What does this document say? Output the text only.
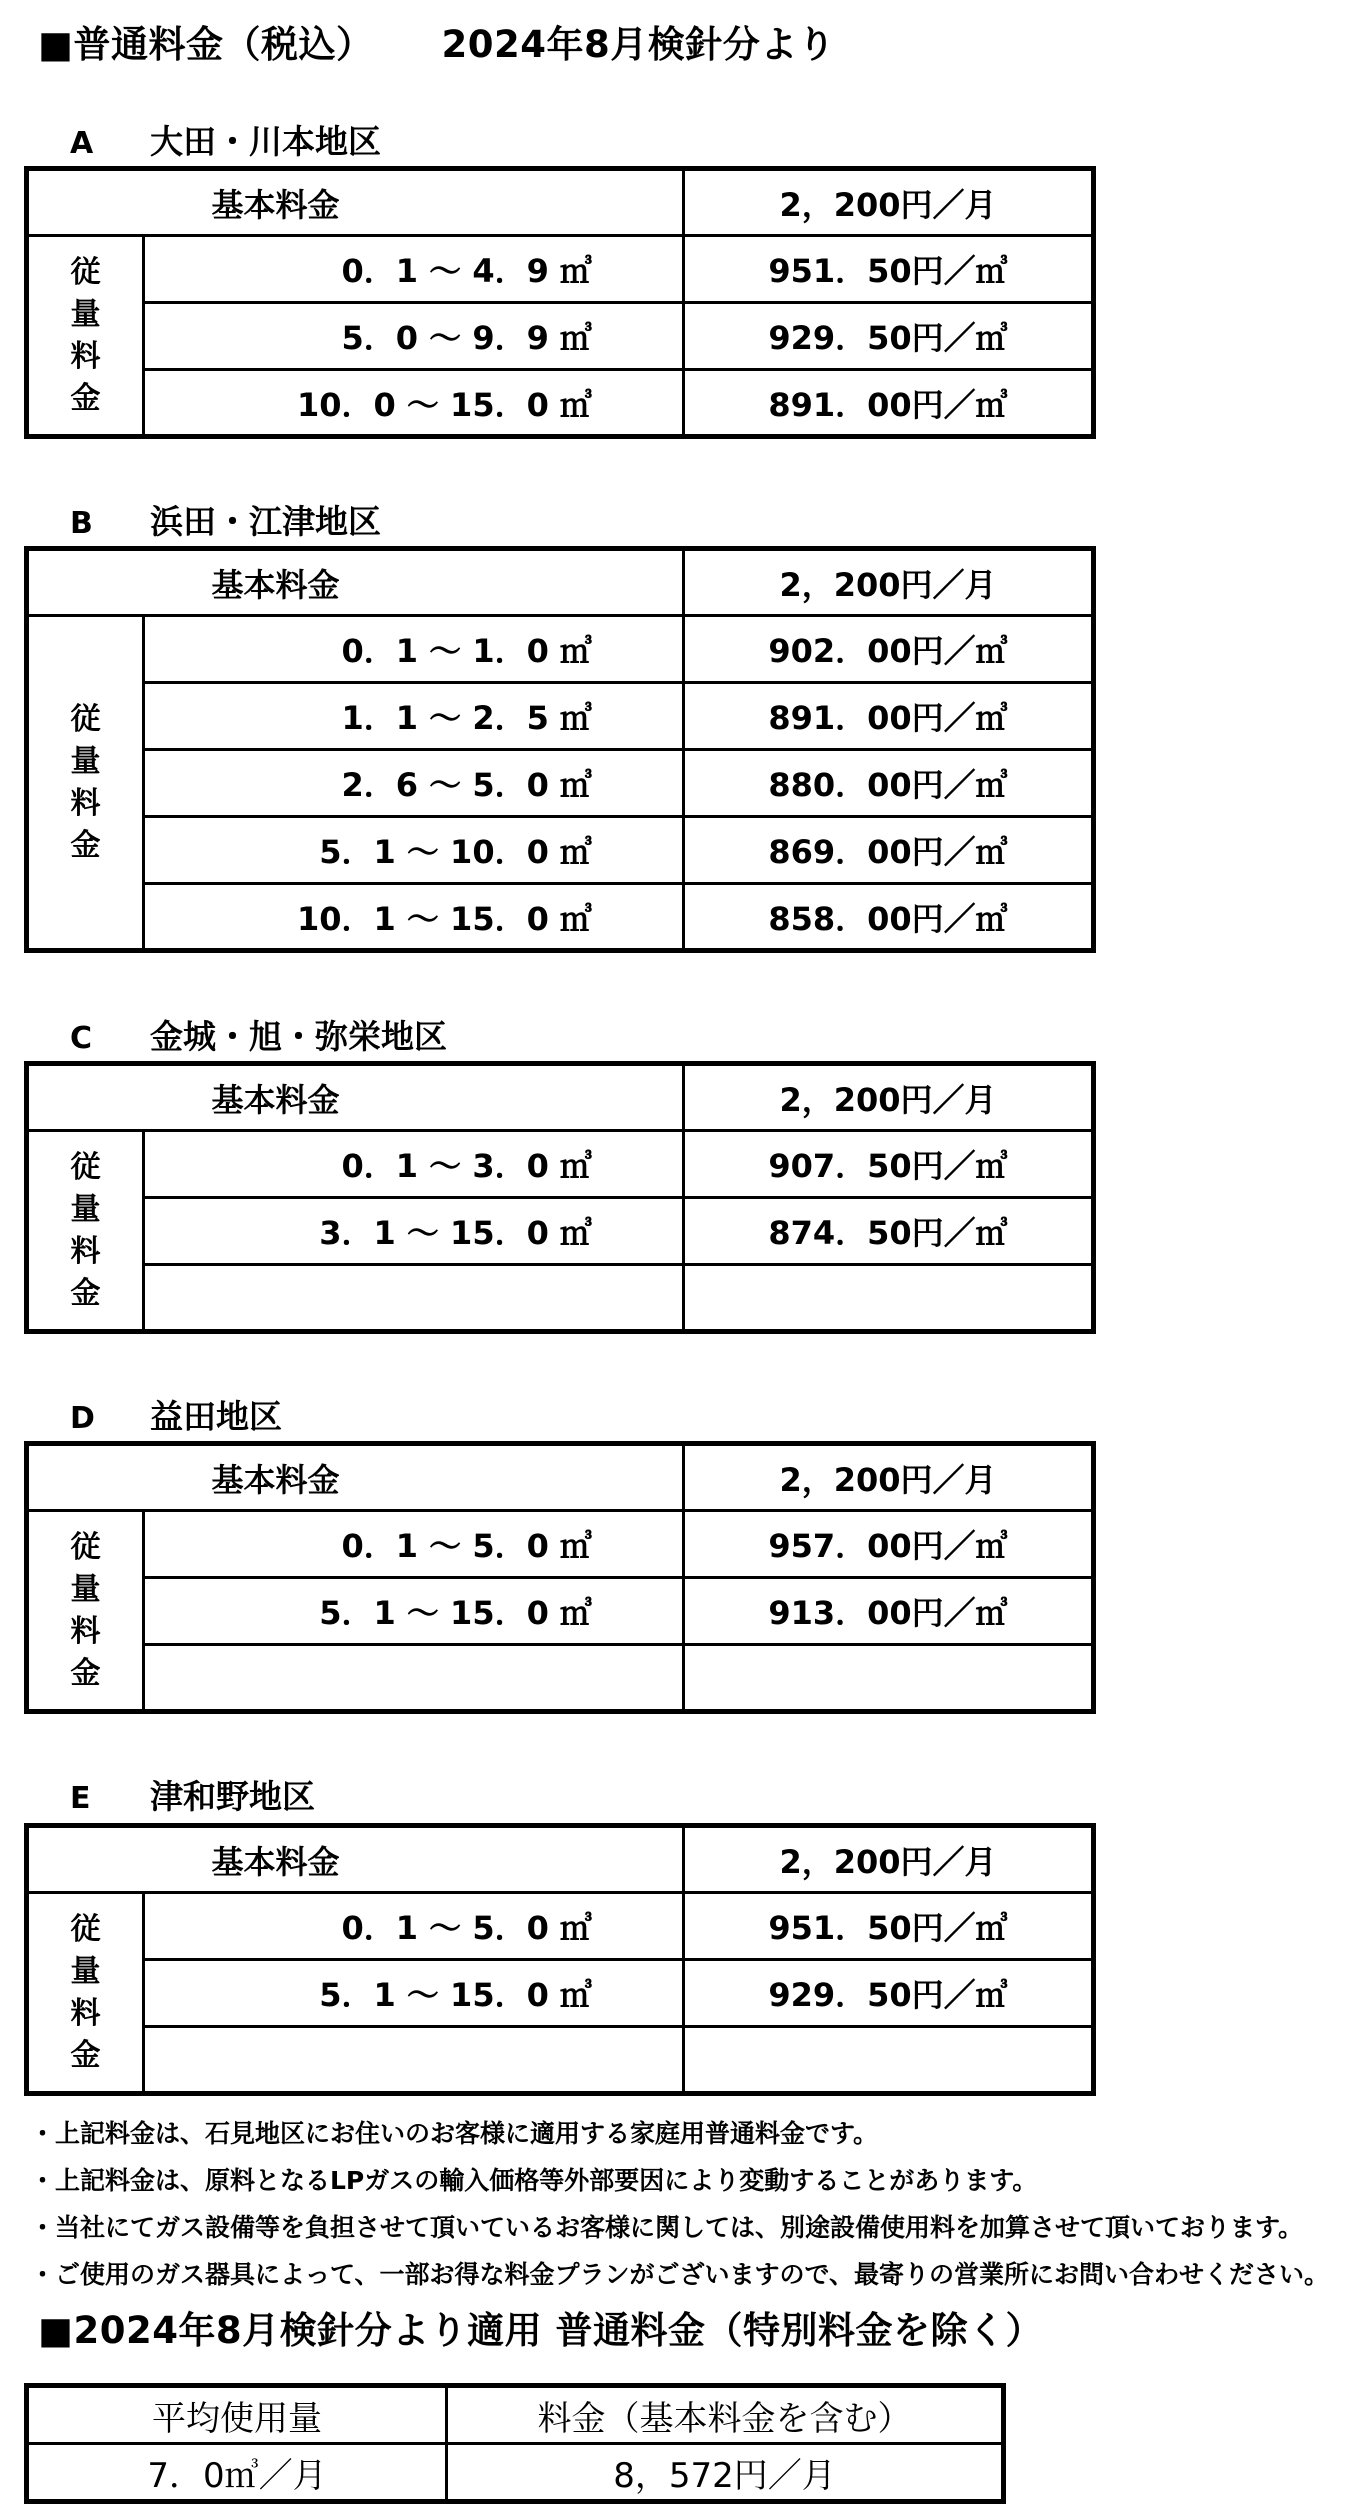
■普通料金（税込） 2024年8月検針分より
A 大田・川本地区
基本料金		2，200円／月
従
量
料
金	0．1 ～ 4．9 ㎥	951．50円／㎥
	5．0 ～ 9．9 ㎥	929．50円／㎥
	10．0 ～ 15．0 ㎥	891．00円／㎥
B 浜田・江津地区
基本料金		2，200円／月
従
量
料
金	0．1 ～ 1．0 ㎥	902．00円／㎥
	1．1 ～ 2．5 ㎥	891．00円／㎥
	2．6 ～ 5．0 ㎥	880．00円／㎥
	5．1 ～ 10．0 ㎥	869．00円／㎥
	10．1 ～ 15．0 ㎥	858．00円／㎥
C 金城・旭・弥栄地区
基本料金		2，200円／月
従
量
料
金	0．1 ～ 3．0 ㎥	907．50円／㎥
	3．1 ～ 15．0 ㎥	874．50円／㎥

D 益田地区
基本料金		2，200円／月
従
量
料
金	0．1 ～ 5．0 ㎥	957．00円／㎥
	5．1 ～ 15．0 ㎥	913．00円／㎥

E 津和野地区
基本料金		2，200円／月
従
量
料
金	0．1 ～ 5．0 ㎥	951．50円／㎥
	5．1 ～ 15．0 ㎥	929．50円／㎥

・上記料金は、石見地区にお住いのお客様に適用する家庭用普通料金です。
・上記料金は、原料となるLPガスの輸入価格等外部要因により変動することがあります。
・当社にてガス設備等を負担させて頂いているお客様に関しては、別途設備使用料を加算させて頂いております。
・ご使用のガス器具によって、一部お得な料金プランがございますので、最寄りの営業所にお問い合わせください。
■2024年8月検針分より適用 普通料金（特別料金を除く）
平均使用量	料金（基本料金を含む）
7．0㎥／月	8，572円／月
